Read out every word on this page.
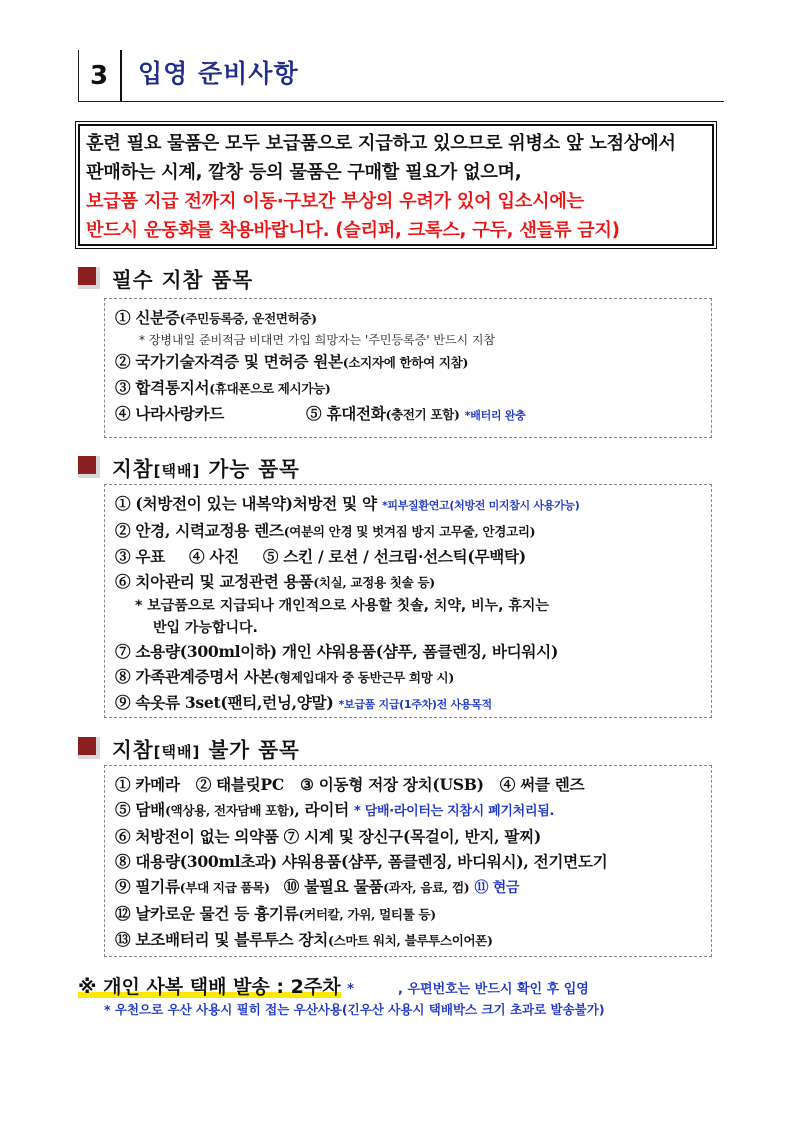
3	입영 준비사항

훈련 필요 물품은 모두 보급품으로 지급하고 있으므로 위병소 앞 노점상에서

판매하는 시계, 깔창 등의 물품은 구매할 필요가 없으며,

보급품 지급 전까지 이동·구보간 부상의 우려가 있어 입소시에는

반드시 운동화를 착용바랍니다. (슬리퍼, 크록스, 구두, 샌들류 금지)

필수 지참 품목
① 신분증(주민등록증, 운전면허증)
* 장병내일 준비적금 비대면 가입 희망자는 '주민등록증' 반드시 지참
② 국가기술자격증 및 면허증 원본(소지자에 한하여 지참)
③ 합격통지서(휴대폰으로 제시가능)
④ 나라사랑카드	⑤ 휴대전화(충전기 포함) *배터리 완충
지참[택배] 가능 품목
① (처방전이 있는 내복약)처방전 및 약 *피부질환연고(처방전 미지참시 사용가능)
② 안경, 시력교정용 렌즈(여분의 안경 및 벗겨짐 방지 고무줄, 안경고리)
③ 우표 ④ 사진 ⑤ 스킨 / 로션 / 선크림·선스틱(무백탁)
⑥ 치아관리 및 교정관련 용품(치실, 교정용 칫솔 등)
* 보급품으로 지급되나 개인적으로 사용할 칫솔, 치약, 비누, 휴지는
반입 가능합니다.
⑦ 소용량(300ml이하) 개인 샤워용품(샴푸, 폼클렌징, 바디워시)
⑧ 가족관계증명서 사본(형제입대자 중 동반근무 희망 시)
⑨ 속옷류 3set(팬티,런닝,양말) *보급품 지급(1주차)전 사용목적
지참[택배] 불가 품목
① 카메라 ② 태블릿PC ③ 이동형 저장 장치(USB) ④ 써클 렌즈
⑤ 담배(액상용, 전자담배 포함), 라이터 * 담배·라이터는 지참시 폐기처리됨.
⑥ 처방전이 없는 의약품 ⑦ 시계 및 장신구(목걸이, 반지, 팔찌)
⑧ 대용량(300ml초과) 샤워용품(샴푸, 폼클렌징, 바디워시), 전기면도기
⑨ 필기류(부대 지급 품목) ⑩ 불필요 물품(과자, 음료, 껌) ⑪ 현금
⑫ 날카로운 물건 등 흉기류(커터칼, 가위, 멀티툴 등)
⑬ 보조배터리 및 블루투스 장치(스마트 워치, 블루투스이어폰)
※ 개인 사복 택배 발송 : 2주차 *	, 우편번호는 반드시 확인 후 입영
* 우천으로 우산 사용시 필히 접는 우산사용(긴우산 사용시 택배박스 크기 초과로 발송불가)
